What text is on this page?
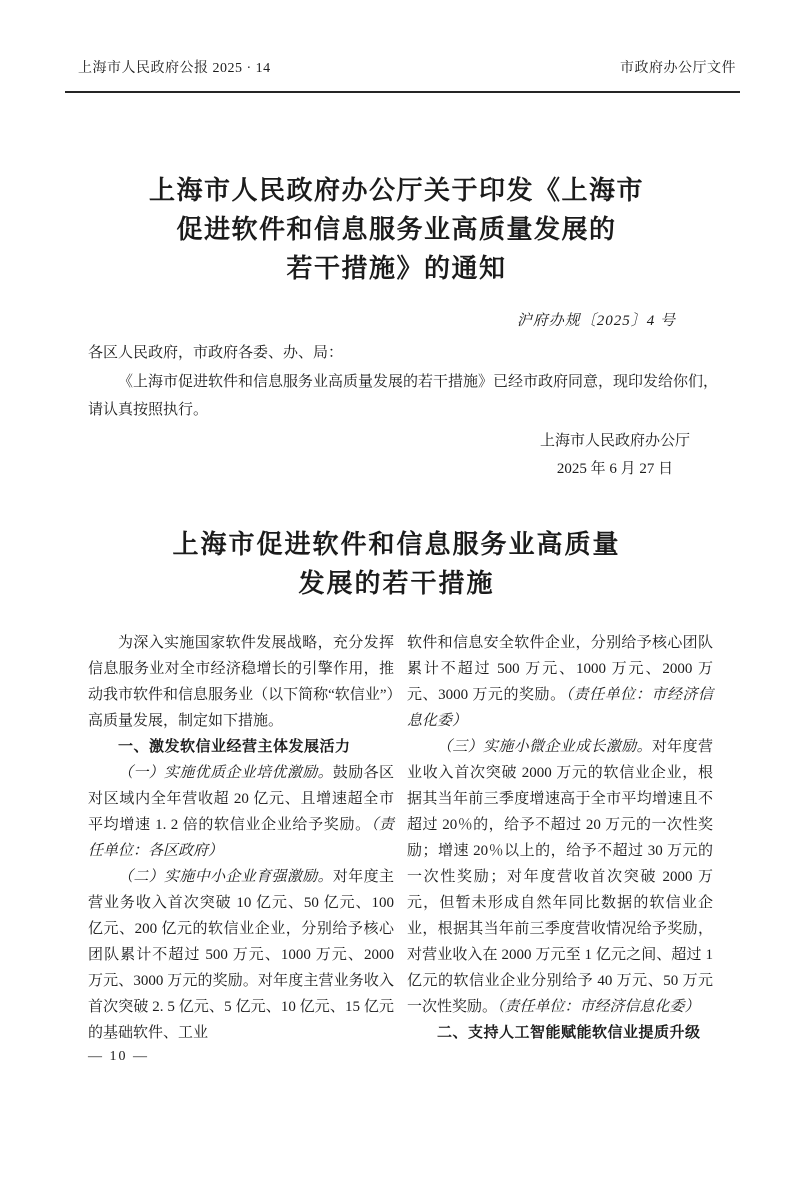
上海市人民政府公报 2025 · 14	市政府办公厅文件
上海市人民政府办公厅关于印发《上海市
促进软件和信息服务业高质量发展的
若干措施》的通知
沪府办规〔2025〕4 号
各区人民政府，市政府各委、办、局：

《上海市促进软件和信息服务业高质量发展的若干措施》已经市政府同意，现印发给你们，请认真按照执行。

上海市人民政府办公厅
2025 年 6 月 27 日
上海市促进软件和信息服务业高质量
发展的若干措施
为深入实施国家软件发展战略，充分发挥信息服务业对全市经济稳增长的引擎作用，推动我市软件和信息服务业（以下简称“软信业”）高质量发展，制定如下措施。
一、激发软信业经营主体发展活力
（一）实施优质企业培优激励。鼓励各区对区域内全年营收超 20 亿元、且增速超全市平均增速 1. 2 倍的软信业企业给予奖励。（责任单位：各区政府）
（二）实施中小企业育强激励。对年度主营业务收入首次突破 10 亿元、50 亿元、100 亿元、200 亿元的软信业企业，分别给予核心团队累计不超过 500 万元、1000 万元、2000 万元、3000 万元的奖励。对年度主营业务收入首次突破 2. 5 亿元、5 亿元、10 亿元、15 亿元的基础软件、工业
软件和信息安全软件企业，分别给予核心团队累计不超过 500 万元、1000 万元、2000 万元、3000 万元的奖励。（责任单位：市经济信息化委）
（三）实施小微企业成长激励。对年度营业收入首次突破 2000 万元的软信业企业，根据其当年前三季度增速高于全市平均增速且不超过 20％的，给予不超过 20 万元的一次性奖励；增速 20％以上的，给予不超过 30 万元的一次性奖励；对年度营收首次突破 2000 万元，但暂未形成自然年同比数据的软信业企业，根据其当年前三季度营收情况给予奖励，对营业收入在 2000 万元至 1 亿元之间、超过 1 亿元的软信业企业分别给予 40 万元、50 万元一次性奖励。（责任单位：市经济信息化委）
二、支持人工智能赋能软信业提质升级
— 10 —
